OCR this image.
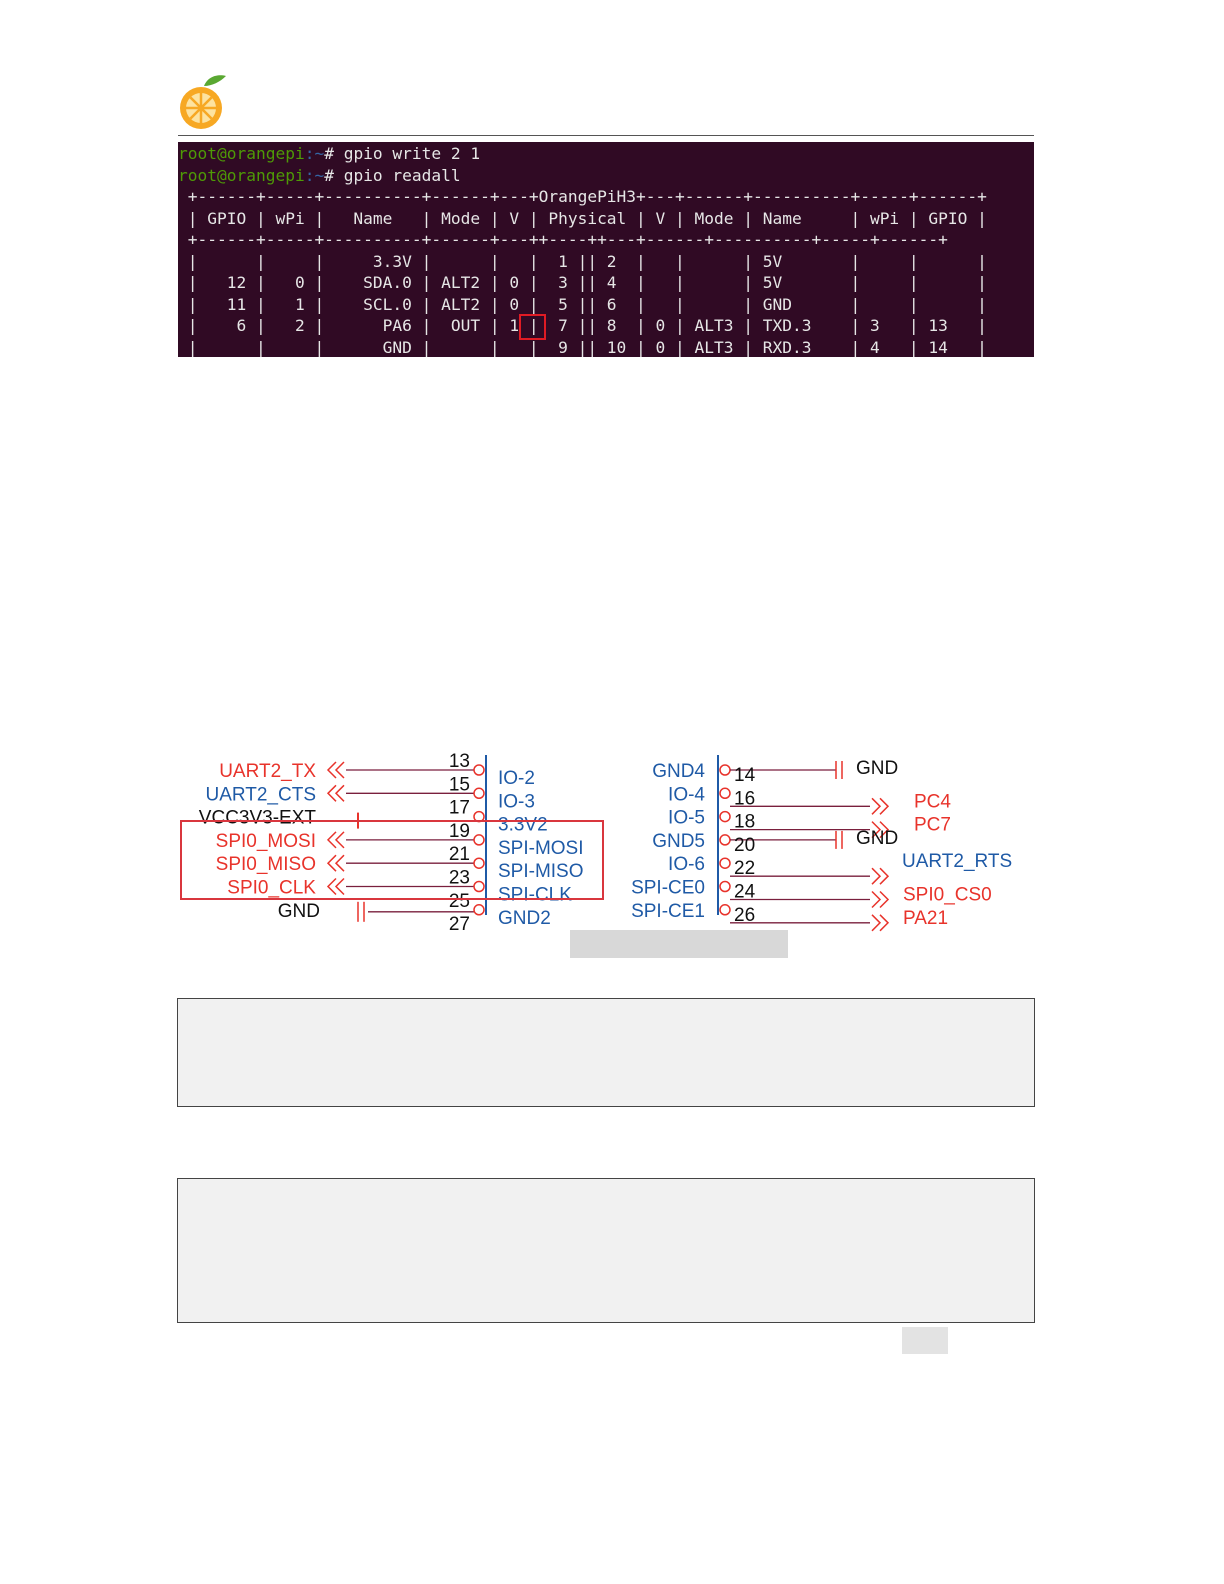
root@orangepi:~# gpio write 2 1
root@orangepi:~# gpio readall
+------+-----+----------+------+---+OrangePiH3+---+------+----------+-----+------+
| GPIO | wPi |   Name   | Mode | V | Physical | V | Mode | Name     | wPi | GPIO |
+------+-----+----------+------+---++----++---+------+----------+-----+------+
|      |     |     3.3V |      |   |  1 || 2  |   |      | 5V       |     |      |
|   12 |   0 |    SDA.0 | ALT2 | 0 |  3 || 4  |   |      | 5V       |     |      |
|   11 |   1 |    SCL.0 | ALT2 | 0 |  5 || 6  |   |      | GND      |     |      |
|    6 |   2 |      PA6 |  OUT | 1 |  7 || 8  | 0 | ALT3 | TXD.3    | 3   | 13   |
|      |     |      GND |      |   |  9 || 10 | 0 | ALT3 | RXD.3    | 4   | 14   |
UART2_TX	IO-2
UART2_CTS	IO-3
VCC3V3-EXT	3.3V2
SPI0_MOSI	SPI-MOSI
SPI0_MISO	SPI-MISO
SPI0_CLK	SPI-CLK
GND	GND2
13
15
17
19
21
23
25
27
GND4	GND
IO-4	PC4
IO-5	PC7
GND5	GND
IO-6	UART2_RTS
SPI-CE0	SPI0_CS0
SPI-CE1	PA21
14
16
18
20
22
24
26
